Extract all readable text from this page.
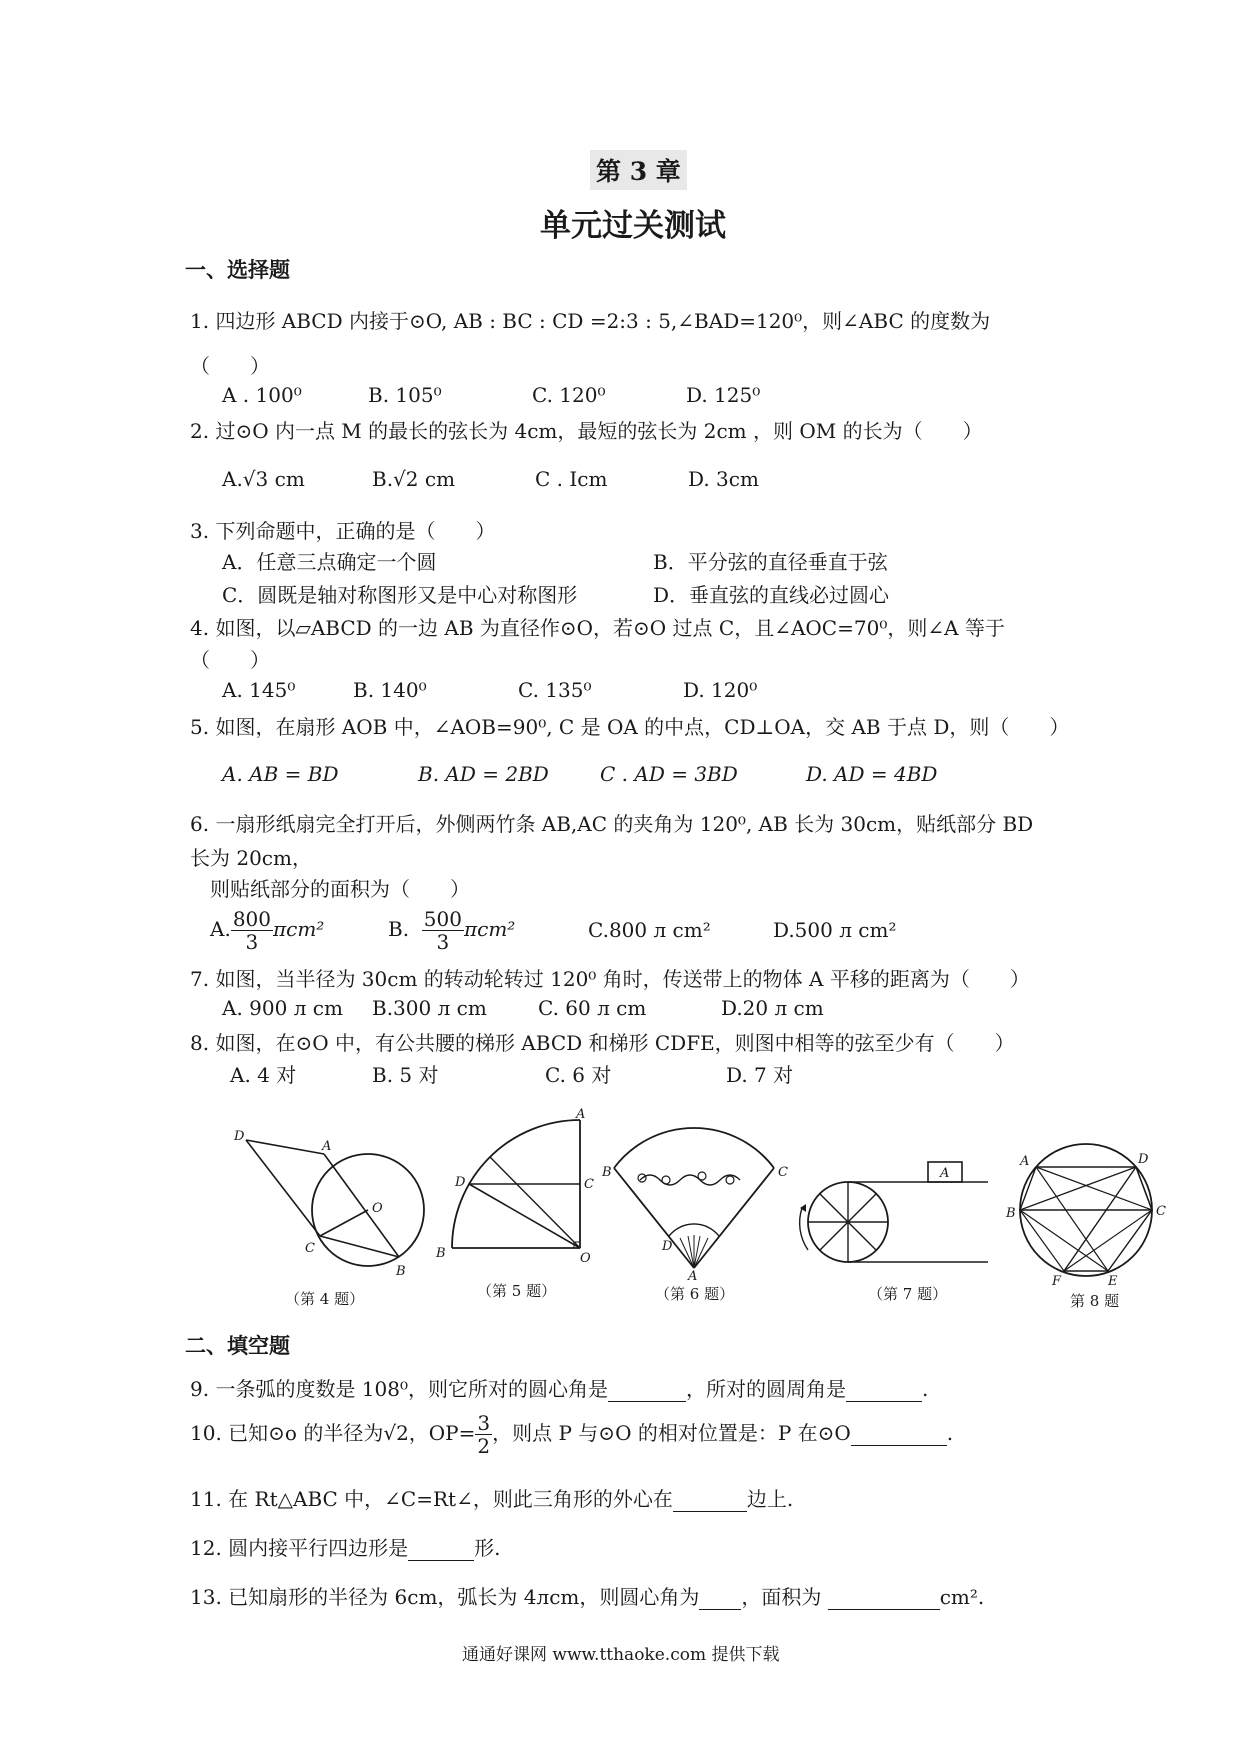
第 3 章
单元过关测试
一、选择题
1. 四边形 ABCD 内接于⊙O, AB : BC : CD =2:3 : 5,∠BAD=120⁰，则∠ABC 的度数为
（　　）
A . 100⁰	B. 105⁰	C. 120⁰	D. 125⁰
2. 过⊙O 内一点 M 的最长的弦长为 4cm，最短的弦长为 2cm ，则 OM 的长为（　　）
A.√3 cm	B.√2 cm	C . Icm	D. 3cm
3. 下列命题中，正确的是（　　）
A．任意三点确定一个圆	B．平分弦的直径垂直于弦
C．圆既是轴对称图形又是中心对称图形	D．垂直弦的直线必过圆心
4. 如图，以▱ABCD 的一边 AB 为直径作⊙O，若⊙O 过点 C，且∠AOC=70⁰，则∠A 等于
（　　）
A. 145⁰	B. 140⁰	C. 135⁰	D. 120⁰
5. 如图，在扇形 AOB 中，∠AOB=90⁰, C 是 OA 的中点，CD⊥OA，交 AB 于点 D，则（　　）
A. AB = BD	B. AD = 2BD	C . AD = 3BD	D. AD = 4BD
6. 一扇形纸扇完全打开后，外侧两竹条 AB,AC 的夹角为 120⁰, AB 长为 30cm，贴纸部分 BD
长为 20cm，
则贴纸部分的面积为（　　）
A. $\frac{800}{3} \pi cm^2$	B. $\frac{500}{3} \pi cm^2$	C.800 л cm²	D.500 л cm²
7. 如图，当半径为 30cm 的转动轮转过 120⁰ 角时，传送带上的物体 A 平移的距离为（　　）
A. 900 л cm B.300 л cm	C. 60 л cm	D.20 л cm
8. 如图，在⊙O 中，有公共腰的梯形 ABCD 和梯形 CDFE，则图中相等的弦至少有（　　）
A. 4 对	B. 5 对	C. 6 对	D. 7 对
D
A
O
C
B
（第 4 题）
A
D	C
B	O
（第 5 题）
B	C
D
A
（第 6 题）
A
（第 7 题）
A	D
B	C
F	E
第 8 题
二、填空题
9. 一条弧的度数是 108⁰，则它所对的圆心角是	，所对的圆周角是	.
10. 已知⊙o 的半径为√2，$OP= \frac{3}{2}$ ，则点 P 与⊙O 的相对位置是：P 在⊙O	.
11. 在 Rt△ABC 中，∠C=Rt∠，则此三角形的外心在	边上.
12. 圆内接平行四边形是	形.
13. 已知扇形的半径为 6cm，弧长为 4лcm，则圆心角为 ，面积为	cm².
通通好课网 www.tthaoke.com 提供下载
